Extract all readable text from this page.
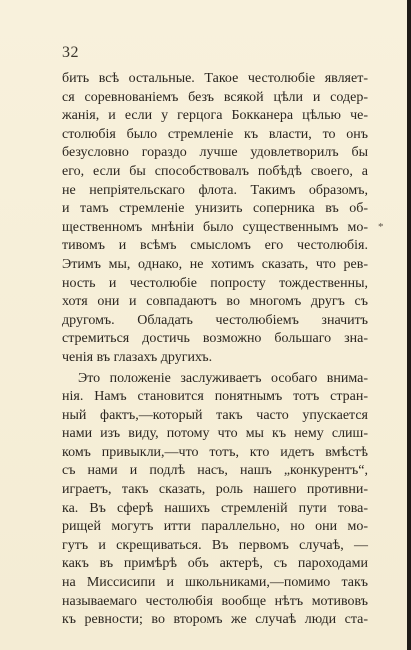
32
*
бить всѣ остальные. Такое честолюбіе являет-
ся соревнованіемъ безъ всякой цѣли и содер-
жанія, и если у герцога Бокканера цѣлью че-
столюбія было стремленіе къ власти, то онъ
безусловно гораздо лучше удовлетворилъ бы
его, если бы способствовалъ побѣдѣ своего, а
не непріятельскаго флота. Такимъ образомъ,
и тамъ стремленіе унизить соперника въ об-
щественномъ мнѣніи было существеннымъ мо-
тивомъ и всѣмъ смысломъ его честолюбія.
Этимъ мы, однако, не хотимъ сказать, что рев-
ность и честолюбіе попросту тождественны,
хотя они и совпадаютъ во многомъ другъ съ
другомъ. Обладать честолюбіемъ значитъ
стремиться достичь возможно большаго зна-
ченія въ глазахъ другихъ.
Это положеніе заслуживаетъ особаго внима-
нія. Намъ становится понятнымъ тотъ стран-
ный фактъ,—который такъ часто упускается
нами изъ виду, потому что мы къ нему слиш-
комъ привыкли,—что тотъ, кто идетъ вмѣстѣ
съ нами и подлѣ насъ, нашъ „конкурентъ“,
играетъ, такъ сказать, роль нашего противни-
ка. Въ сферѣ нашихъ стремленій пути това-
рищей могутъ итти параллельно, но они мо-
гутъ и скрещиваться. Въ первомъ случаѣ, —
какъ въ примѣрѣ объ актерѣ, съ пароходами
на Миссисипи и школьниками,—помимо такъ
называемаго честолюбія вообще нѣтъ мотивовъ
къ ревности; во второмъ же случаѣ люди ста-
